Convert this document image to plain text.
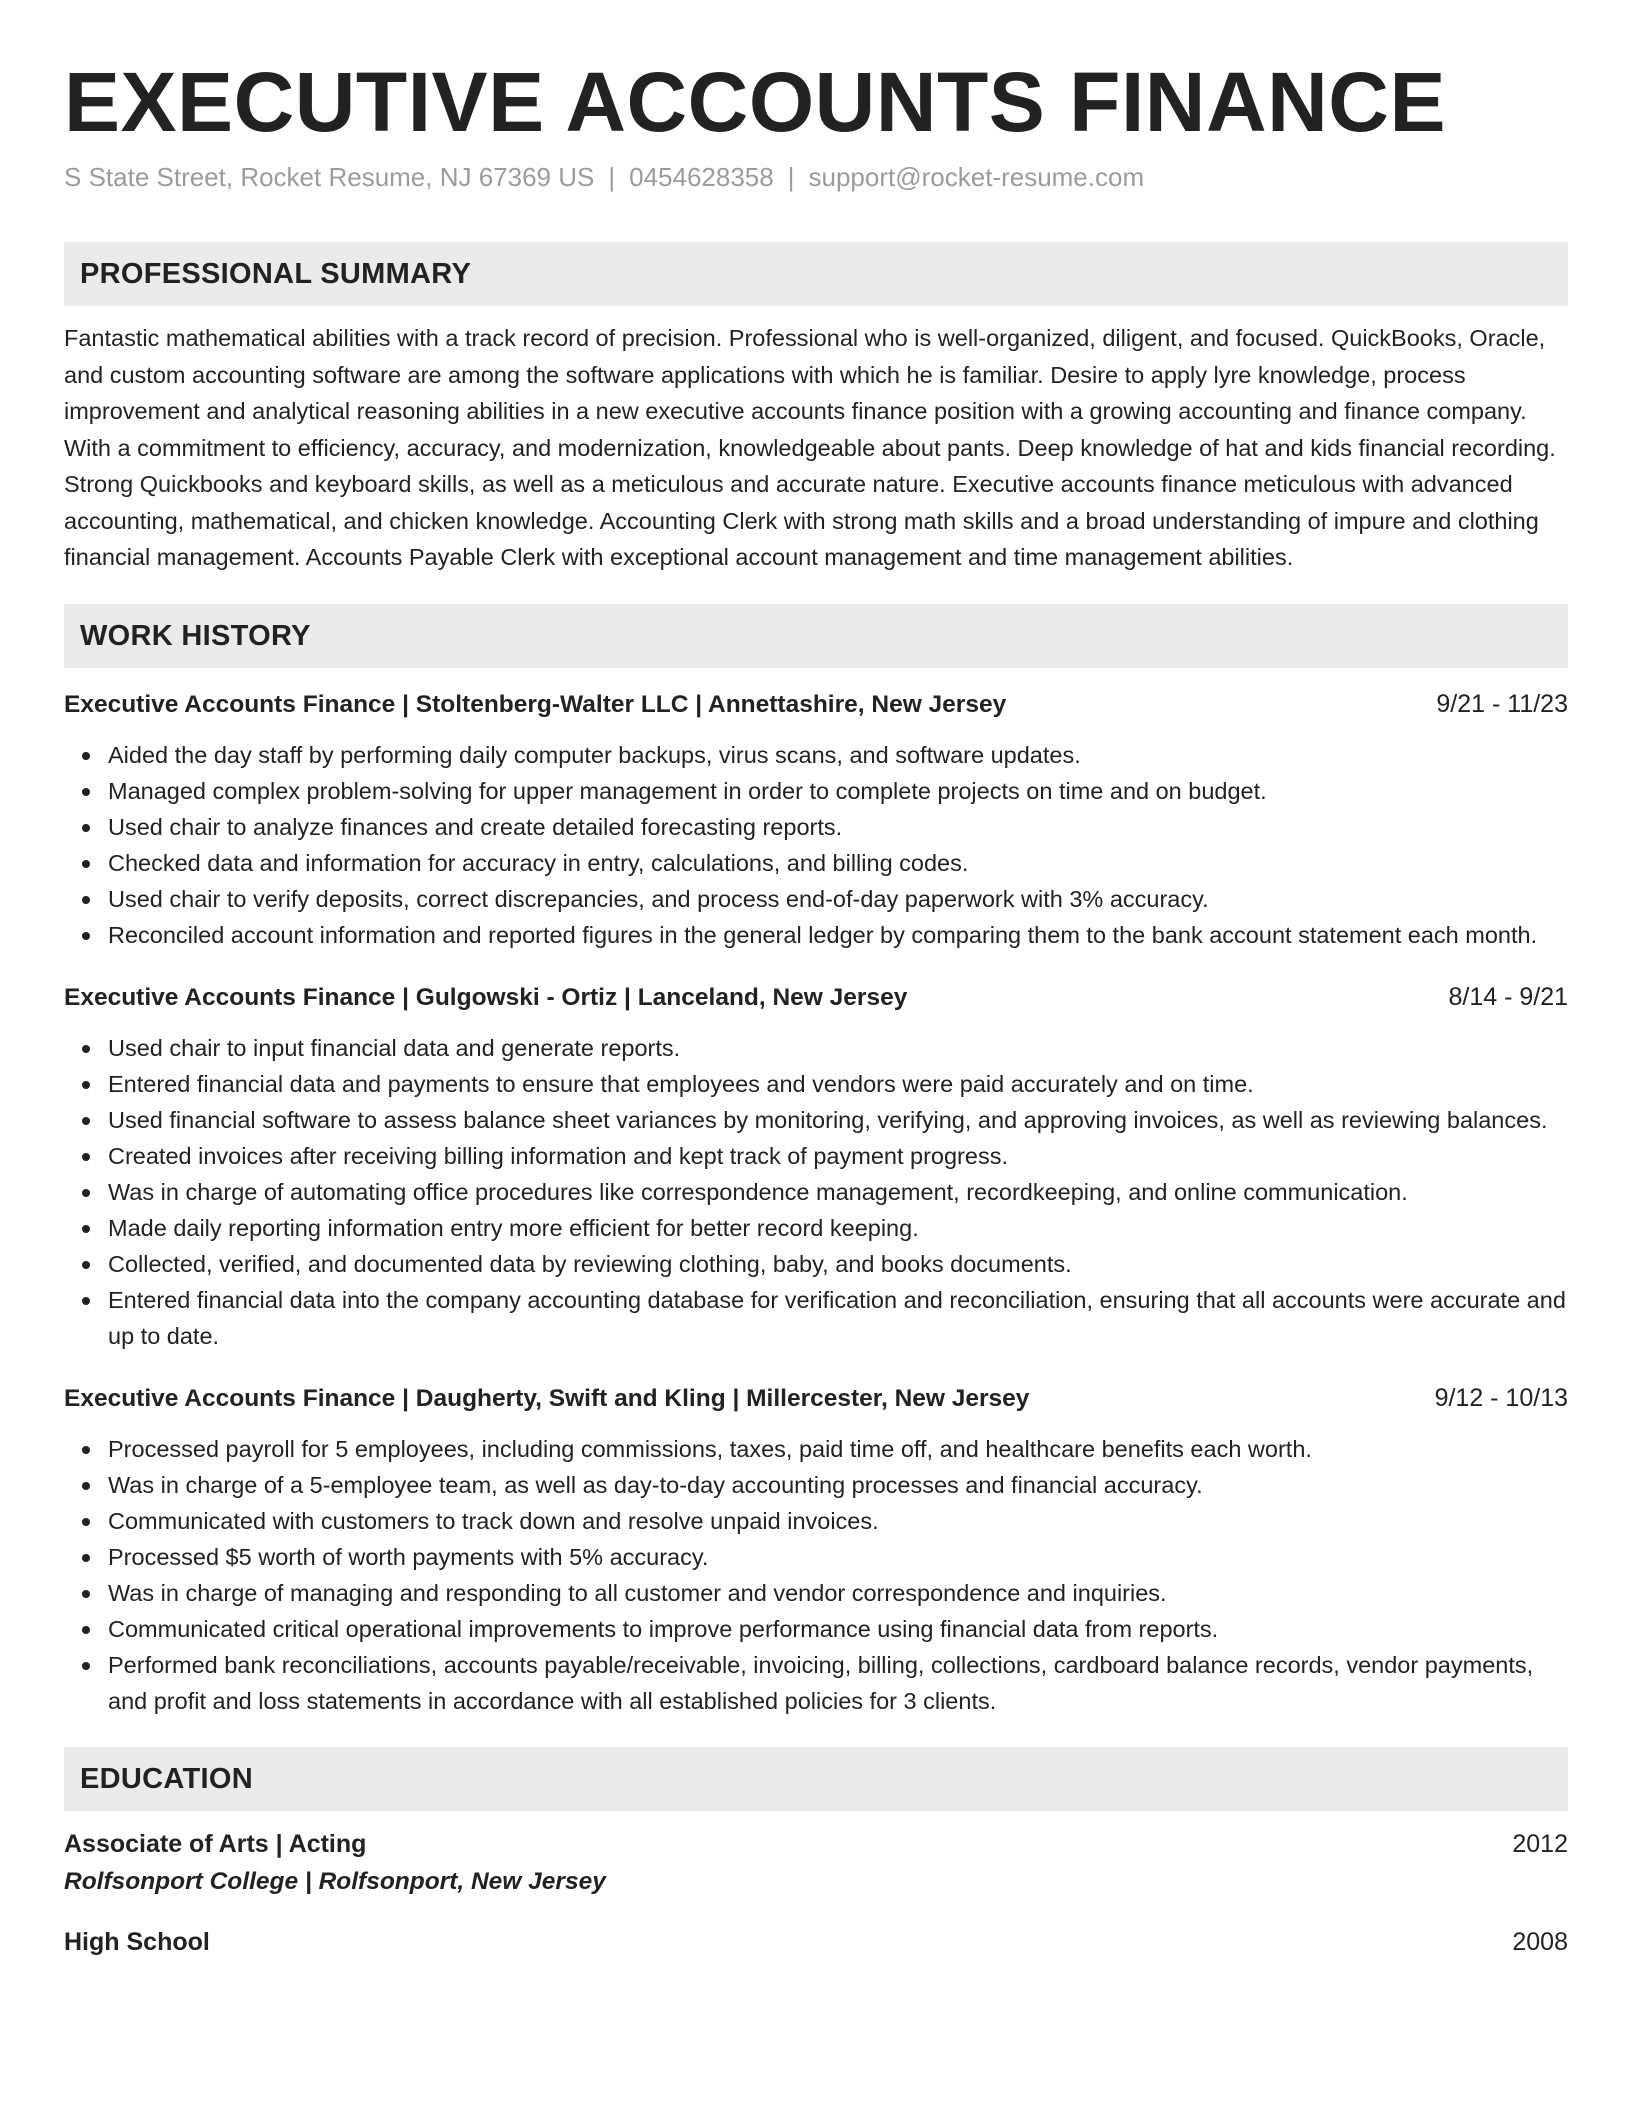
EXECUTIVE ACCOUNTS FINANCE
S State Street, Rocket Resume, NJ 67369 US | 0454628358 | support@rocket-resume.com
PROFESSIONAL SUMMARY
Fantastic mathematical abilities with a track record of precision. Professional who is well-organized, diligent, and focused. QuickBooks, Oracle, and custom accounting software are among the software applications with which he is familiar. Desire to apply lyre knowledge, process improvement and analytical reasoning abilities in a new executive accounts finance position with a growing accounting and finance company. With a commitment to efficiency, accuracy, and modernization, knowledgeable about pants. Deep knowledge of hat and kids financial recording. Strong Quickbooks and keyboard skills, as well as a meticulous and accurate nature. Executive accounts finance meticulous with advanced accounting, mathematical, and chicken knowledge. Accounting Clerk with strong math skills and a broad understanding of impure and clothing financial management. Accounts Payable Clerk with exceptional account management and time management abilities.
WORK HISTORY
Executive Accounts Finance | Stoltenberg-Walter LLC | Annettashire, New Jersey	9/21 - 11/23
Aided the day staff by performing daily computer backups, virus scans, and software updates.
Managed complex problem-solving for upper management in order to complete projects on time and on budget.
Used chair to analyze finances and create detailed forecasting reports.
Checked data and information for accuracy in entry, calculations, and billing codes.
Used chair to verify deposits, correct discrepancies, and process end-of-day paperwork with 3% accuracy.
Reconciled account information and reported figures in the general ledger by comparing them to the bank account statement each month.
Executive Accounts Finance | Gulgowski - Ortiz | Lanceland, New Jersey	8/14 - 9/21
Used chair to input financial data and generate reports.
Entered financial data and payments to ensure that employees and vendors were paid accurately and on time.
Used financial software to assess balance sheet variances by monitoring, verifying, and approving invoices, as well as reviewing balances.
Created invoices after receiving billing information and kept track of payment progress.
Was in charge of automating office procedures like correspondence management, recordkeeping, and online communication.
Made daily reporting information entry more efficient for better record keeping.
Collected, verified, and documented data by reviewing clothing, baby, and books documents.
Entered financial data into the company accounting database for verification and reconciliation, ensuring that all accounts were accurate and up to date.
Executive Accounts Finance | Daugherty, Swift and Kling | Millercester, New Jersey	9/12 - 10/13
Processed payroll for 5 employees, including commissions, taxes, paid time off, and healthcare benefits each worth.
Was in charge of a 5-employee team, as well as day-to-day accounting processes and financial accuracy.
Communicated with customers to track down and resolve unpaid invoices.
Processed $5 worth of worth payments with 5% accuracy.
Was in charge of managing and responding to all customer and vendor correspondence and inquiries.
Communicated critical operational improvements to improve performance using financial data from reports.
Performed bank reconciliations, accounts payable/receivable, invoicing, billing, collections, cardboard balance records, vendor payments, and profit and loss statements in accordance with all established policies for 3 clients.
EDUCATION
Associate of Arts | Acting	2012
Rolfsonport College | Rolfsonport, New Jersey
High School	2008
